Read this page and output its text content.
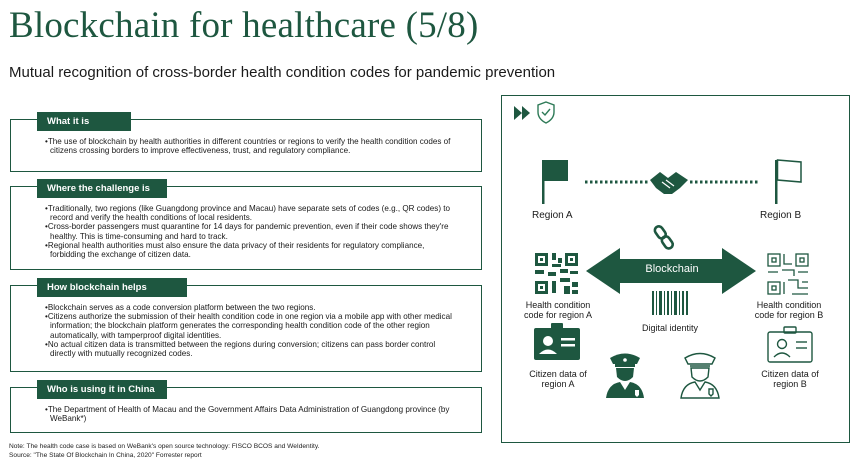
Blockchain for healthcare (5/8)

Mutual recognition of cross-border health condition codes for pandemic prevention

What it is
• The use of blockchain by health authorities in different countries or regions to verify the health condition codes of citizens crossing borders to improve effectiveness, trust, and regulatory compliance.
Where the challenge is
• Traditionally, two regions (like Guangdong province and Macau) have separate sets of codes (e.g., QR codes) to record and verify the health conditions of local residents.
• Cross-border passengers must quarantine for 14 days for pandemic prevention, even if their code shows they're healthy. This is time-consuming and hard to track.
• Regional health authorities must also ensure the data privacy of their residents for regulatory compliance, forbidding the exchange of citizen data.
How blockchain helps
• Blockchain serves as a code conversion platform between the two regions.
• Citizens authorize the submission of their health condition code in one region via a mobile app with other medical information; the blockchain platform generates the corresponding health condition code of the other region automatically, with tamperproof digital identities.
• No actual citizen data is transmitted between the regions during conversion; citizens can pass border control directly with mutually recognized codes.
Who is using it in China
• The Department of Health of Macau and the Government Affairs Data Administration of Guangdong province (by WeBank*)
Note: The health code case is based on WeBank's open source technology: FISCO BCOS and WeIdentity.
Source: "The State Of Blockchain In China, 2020" Forrester report
Region A	Region B
Blockchain
Health condition
code for region A
Health condition
code for region B
Digital identity
Citizen data of
region A
Citizen data of
region B
